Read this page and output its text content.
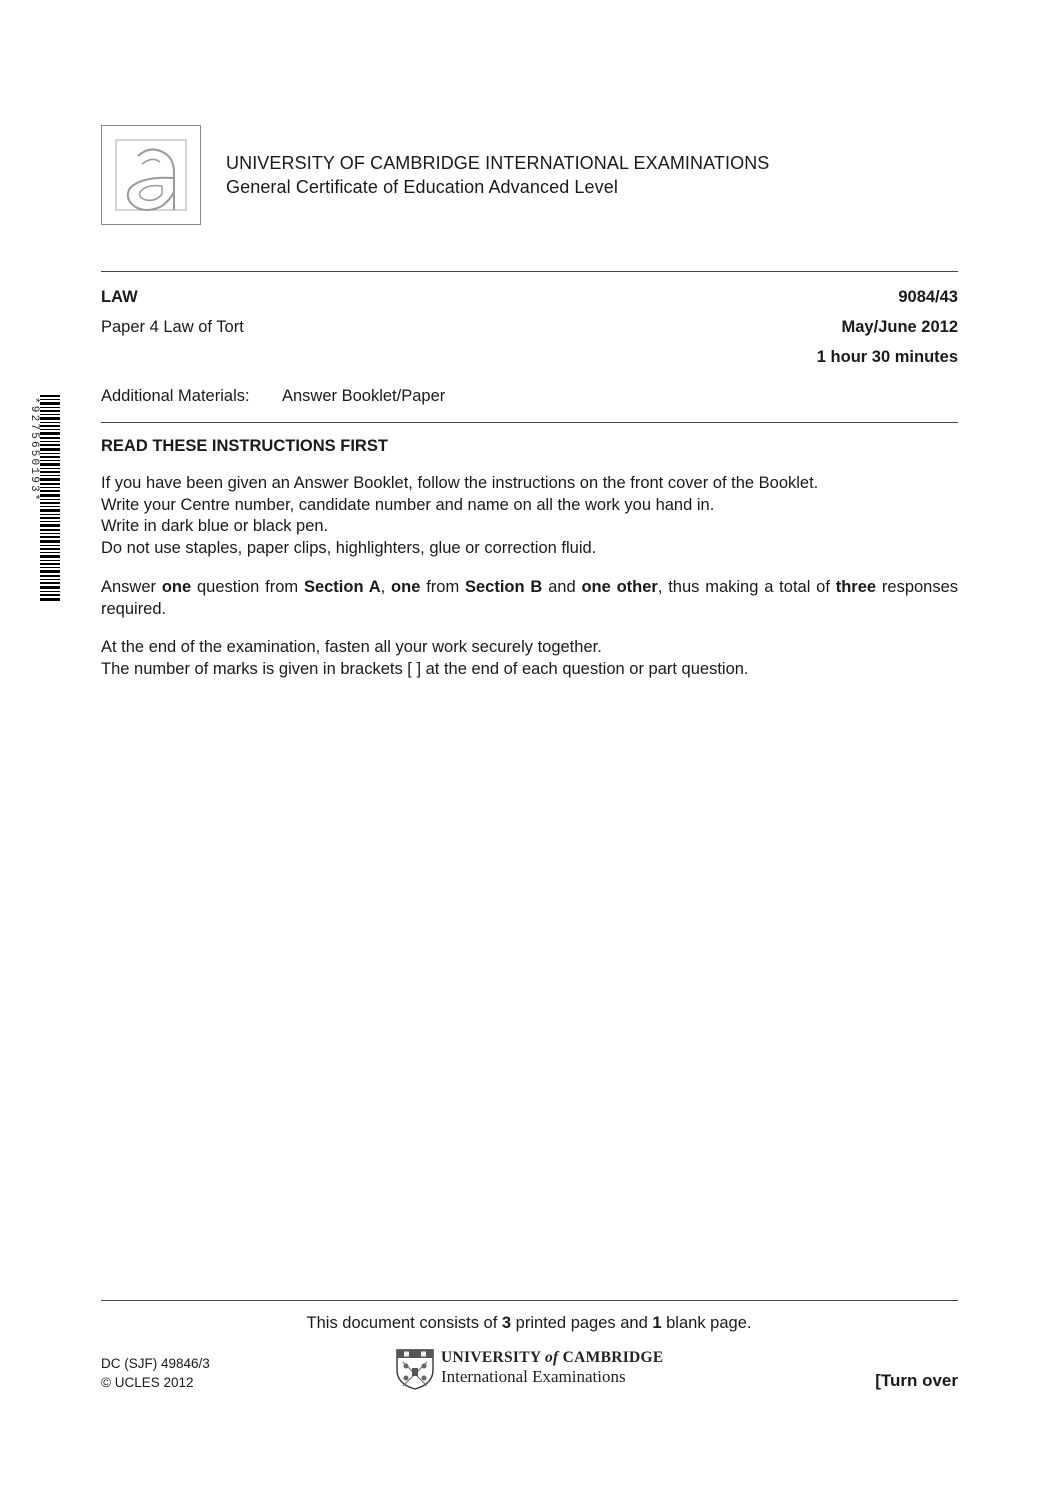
UNIVERSITY OF CAMBRIDGE INTERNATIONAL EXAMINATIONS
General Certificate of Education Advanced Level
LAW	9084/43
Paper 4 Law of Tort	May/June 2012
1 hour 30 minutes
Additional Materials: Answer Booklet/Paper
*9275650193*	READ THESE INSTRUCTIONS FIRST

If you have been given an Answer Booklet, follow the instructions on the front cover of the Booklet.

Write your Centre number, candidate number and name on all the work you hand in.

Write in dark blue or black pen.

Do not use staples, paper clips, highlighters, glue or correction fluid.

Answer one question from Section A, one from Section B and one other, thus making a total of three responses required.

At the end of the examination, fasten all your work securely together.

The number of marks is given in brackets [ ] at the end of each question or part question.

This document consists of 3 printed pages and 1 blank page.
DC (SJF) 49846/3
© UCLES 2012
UNIVERSITY of CAMBRIDGE
International Examinations	[Turn over
